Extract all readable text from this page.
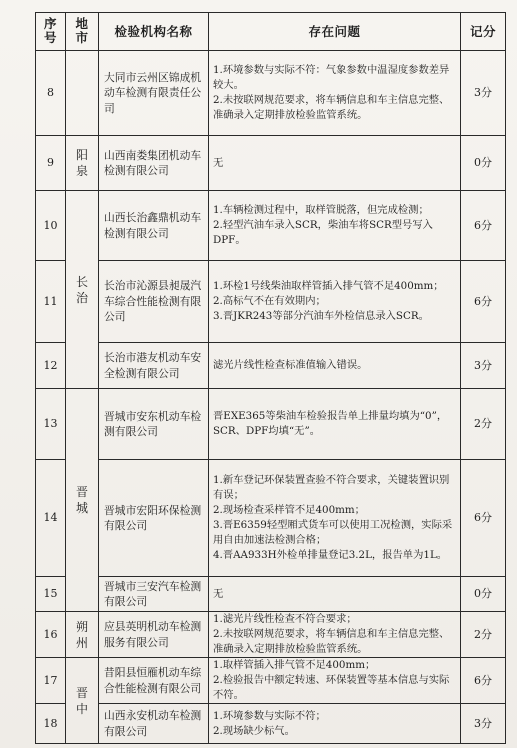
序号	地市	检验机构名称	存在问题	记分
8		大同市云州区锦成机动车检测有限责任公司	1.环境参数与实际不符：气象参数中温湿度参数差异较大。
2.未按联网规范要求，将车辆信息和车主信息完整、准确录入定期排放检验监管系统。	3分
9	阳泉	山西南娄集团机动车检测有限公司	无	0分
10	长治	山西长治鑫鼎机动车检测有限公司	1.车辆检测过程中，取样管脱落，但完成检测；
2.轻型汽油车录入SCR，柴油车将SCR型号写入DPF。	6分
11		长治市沁源县昶晟汽车综合性能检测有限公司	1.环检1号线柴油取样管插入排气管不足400mm；
2.高标气不在有效期内；
3.晋JKR243等部分汽油车外检信息录入SCR。	6分
12		长治市港友机动车安全检测有限公司	滤光片线性检查标准值输入错误。	3分
13	晋城	晋城市安东机动车检测有限公司	晋EXE365等柴油车检验报告单上排量均填为“0”，SCR、DPF均填“无”。	2分
14		晋城市宏阳环保检测有限公司	1.新车登记环保装置查验不符合要求，关键装置识别有误；
2.现场检查采样管不足400mm；
3.晋E6359轻型厢式货车可以使用工况检测，实际采用自由加速法检测合格；
4.晋AA933H外检单排量登记3.2L，报告单为1L。	6分
15		晋城市三安汽车检测有限公司	无	0分
16	朔州	应县英明机动车检测服务有限公司	1.滤光片线性检查不符合要求；
2.未按联网规范要求，将车辆信息和车主信息完整、准确录入定期排放检验监管系统。	2分
17	晋中	昔阳县恒雁机动车综合性能检测有限公司	1.取样管插入排气管不足400mm；
2.检验报告中额定转速、环保装置等基本信息与实际不符。	6分
18		山西永安机动车检测有限公司	1.环境参数与实际不符；
2.现场缺少标气。	3分
